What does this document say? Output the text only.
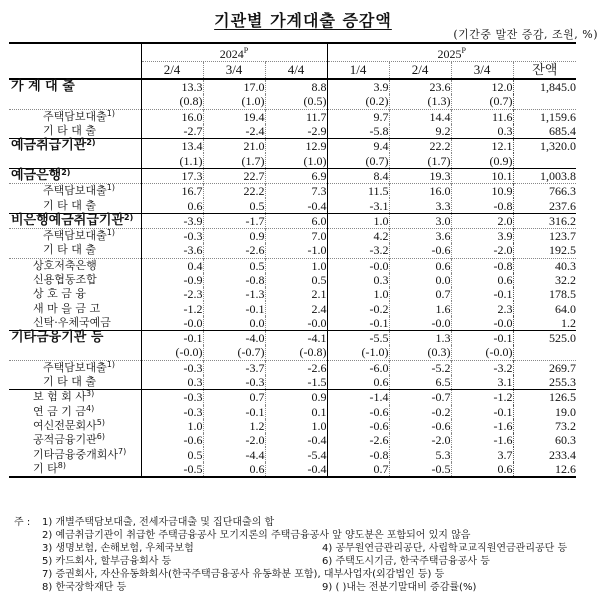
기관별 가계대출 증감액
(기간중 말잔 증감, 조원, %)
	$2024^P$			$2025^P$
	2/4	3/4	4/4	1/4	2/4	3/4	잔액
가 계 대 출	13.3	17.0	8.8	3.9	23.6	12.0	1,845.0
	(0.8)	(1.0)	(0.5)	(0.2)	(1.3)	(0.7)	
주택담보대출$^{1)}$	16.0	19.4	11.7	9.7	14.4	11.6	1,159.6
기 타 대 출	-2.7	-2.4	-2.9	-5.8	9.2	0.3	685.4
예금취급기관$^{2)}$	13.4	21.0	12.9	9.4	22.2	12.1	1,320.0
	(1.1)	(1.7)	(1.0)	(0.7)	(1.7)	(0.9)	
예금은행$^{2)}$	17.3	22.7	6.9	8.4	19.3	10.1	1,003.8
주택담보대출$^{1)}$	16.7	22.2	7.3	11.5	16.0	10.9	766.3
기 타 대 출	0.6	0.5	-0.4	-3.1	3.3	-0.8	237.6
비은행예금취급기관$^{2)}$	-3.9	-1.7	6.0	1.0	3.0	2.0	316.2
주택담보대출$^{1)}$	-0.3	0.9	7.0	4.2	3.6	3.9	123.7
기 타 대 출	-3.6	-2.6	-1.0	-3.2	-0.6	-2.0	192.5
상호저축은행	0.4	0.5	1.0	-0.0	0.6	-0.8	40.3
신용협동조합	-0.9	-0.8	0.5	0.3	0.0	0.6	32.2
상 호 금 융	-2.3	-1.3	2.1	1.0	0.7	-0.1	178.5
새 마 을 금 고	-1.2	-0.1	2.4	-0.2	1.6	2.3	64.0
신탁·우체국예금	-0.0	0.0	-0.0	-0.1	-0.0	-0.0	1.2
기타금융기관 등	-0.1	-4.0	-4.1	-5.5	1.3	-0.1	525.0
	(-0.0)	(-0.7)	(-0.8)	(-1.0)	(0.3)	(-0.0)	
주택담보대출$^{1)}$	-0.3	-3.7	-2.6	-6.0	-5.2	-3.2	269.7
기 타 대 출	0.3	-0.3	-1.5	0.6	6.5	3.1	255.3
보 험 회 사$^{3)}$	-0.3	0.7	0.9	-1.4	-0.7	-1.2	126.5
연 금 기 금$^{4)}$	-0.3	-0.1	0.1	-0.6	-0.2	-0.1	19.0
여신전문회사$^{5)}$	1.0	1.2	1.0	-0.6	-0.6	-1.6	73.2
공적금융기관$^{6)}$	-0.6	-2.0	-0.4	-2.6	-2.0	-1.6	60.3
기타금융중개회사$^{7)}$	0.5	-4.4	-5.4	-0.8	5.3	3.7	233.4
기 타$^{8)}$	-0.5	0.6	-0.4	0.7	-0.5	0.6	12.6
주 :	1) 개별주택담보대출, 전세자금대출 및 집단대출의 합
2) 예금취급기관이 취급한 주택금융공사 모기지론의 주택금융공사 앞 양도분은 포함되어 있지 않음
3) 생명보험, 손해보험, 우체국보험	4) 공무원연금관리공단, 사립학교교직원연금관리공단 등
5) 카드회사, 할부금융회사 등	6) 주택도시기금, 한국주택금융공사 등
7) 증권회사, 자산유동화회사(한국주택금융공사 유동화분 포함), 대부사업자(외감법인 등) 등
8) 한국장학재단 등	9) ( )내는 전분기말대비 증감률(%)
